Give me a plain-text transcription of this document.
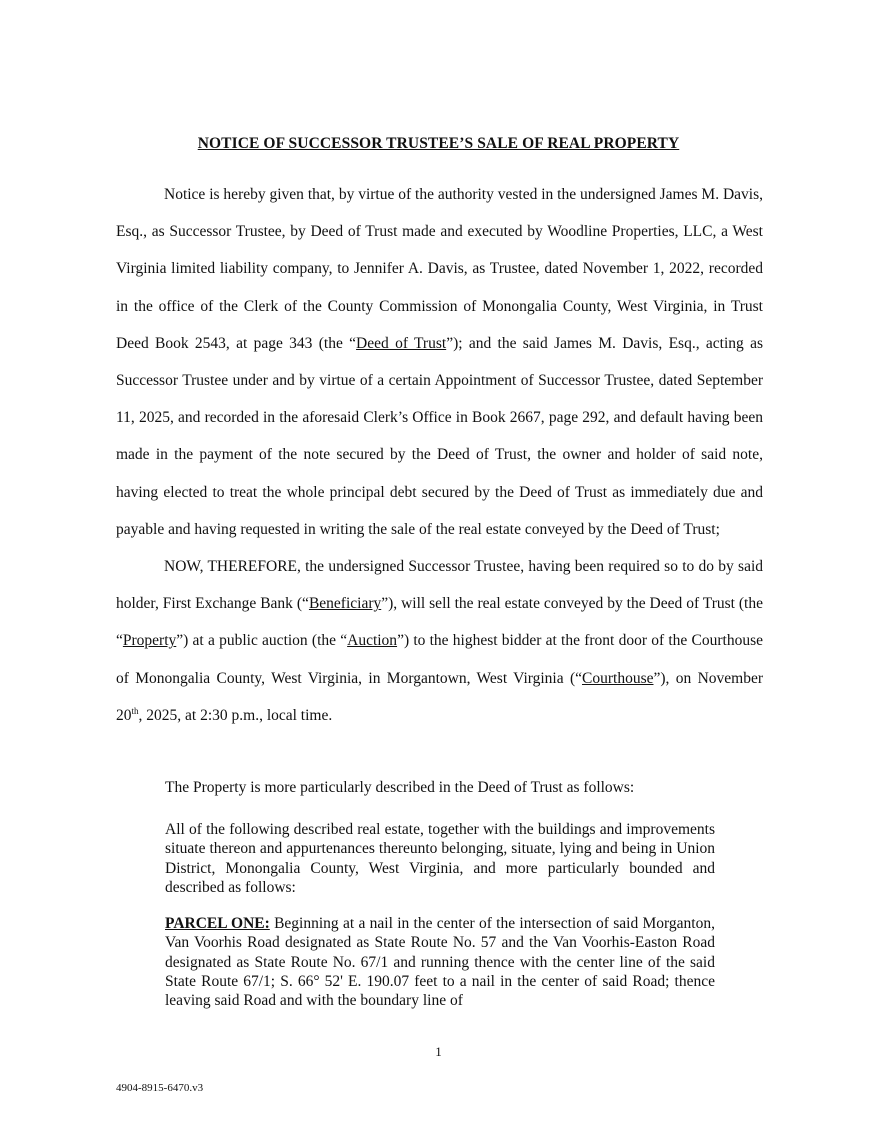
NOTICE OF SUCCESSOR TRUSTEE’S SALE OF REAL PROPERTY

Notice is hereby given that, by virtue of the authority vested in the undersigned James M. Davis, Esq., as Successor Trustee, by Deed of Trust made and executed by Woodline Properties, LLC, a West Virginia limited liability company, to Jennifer A. Davis, as Trustee, dated November 1, 2022, recorded in the office of the Clerk of the County Commission of Monongalia County, West Virginia, in Trust Deed Book 2543, at page 343 (the “Deed of Trust”); and the said James M. Davis, Esq., acting as Successor Trustee under and by virtue of a certain Appointment of Successor Trustee, dated September 11, 2025, and recorded in the aforesaid Clerk’s Office in Book 2667, page 292, and default having been made in the payment of the note secured by the Deed of Trust, the owner and holder of said note, having elected to treat the whole principal debt secured by the Deed of Trust as immediately due and payable and having requested in writing the sale of the real estate conveyed by the Deed of Trust;

NOW, THEREFORE, the undersigned Successor Trustee, having been required so to do by said holder, First Exchange Bank (“Beneficiary”), will sell the real estate conveyed by the Deed of Trust (the “Property”) at a public auction (the “Auction”) to the highest bidder at the front door of the Courthouse of Monongalia County, West Virginia, in Morgantown, West Virginia (“Courthouse”), on November 20th, 2025, at 2:30 p.m., local time.

The Property is more particularly described in the Deed of Trust as follows:

All of the following described real estate, together with the buildings and improvements situate thereon and appurtenances thereunto belonging, situate, lying and being in Union District, Monongalia County, West Virginia, and more particularly bounded and described as follows:

PARCEL ONE: Beginning at a nail in the center of the intersection of said Morganton, Van Voorhis Road designated as State Route No. 57 and the Van Voorhis-Easton Road designated as State Route No. 67/1 and running thence with the center line of the said State Route 67/1; S. 66° 52' E. 190.07 feet to a nail in the center of said Road; thence leaving said Road and with the boundary line of

1
4904-8915-6470.v3
